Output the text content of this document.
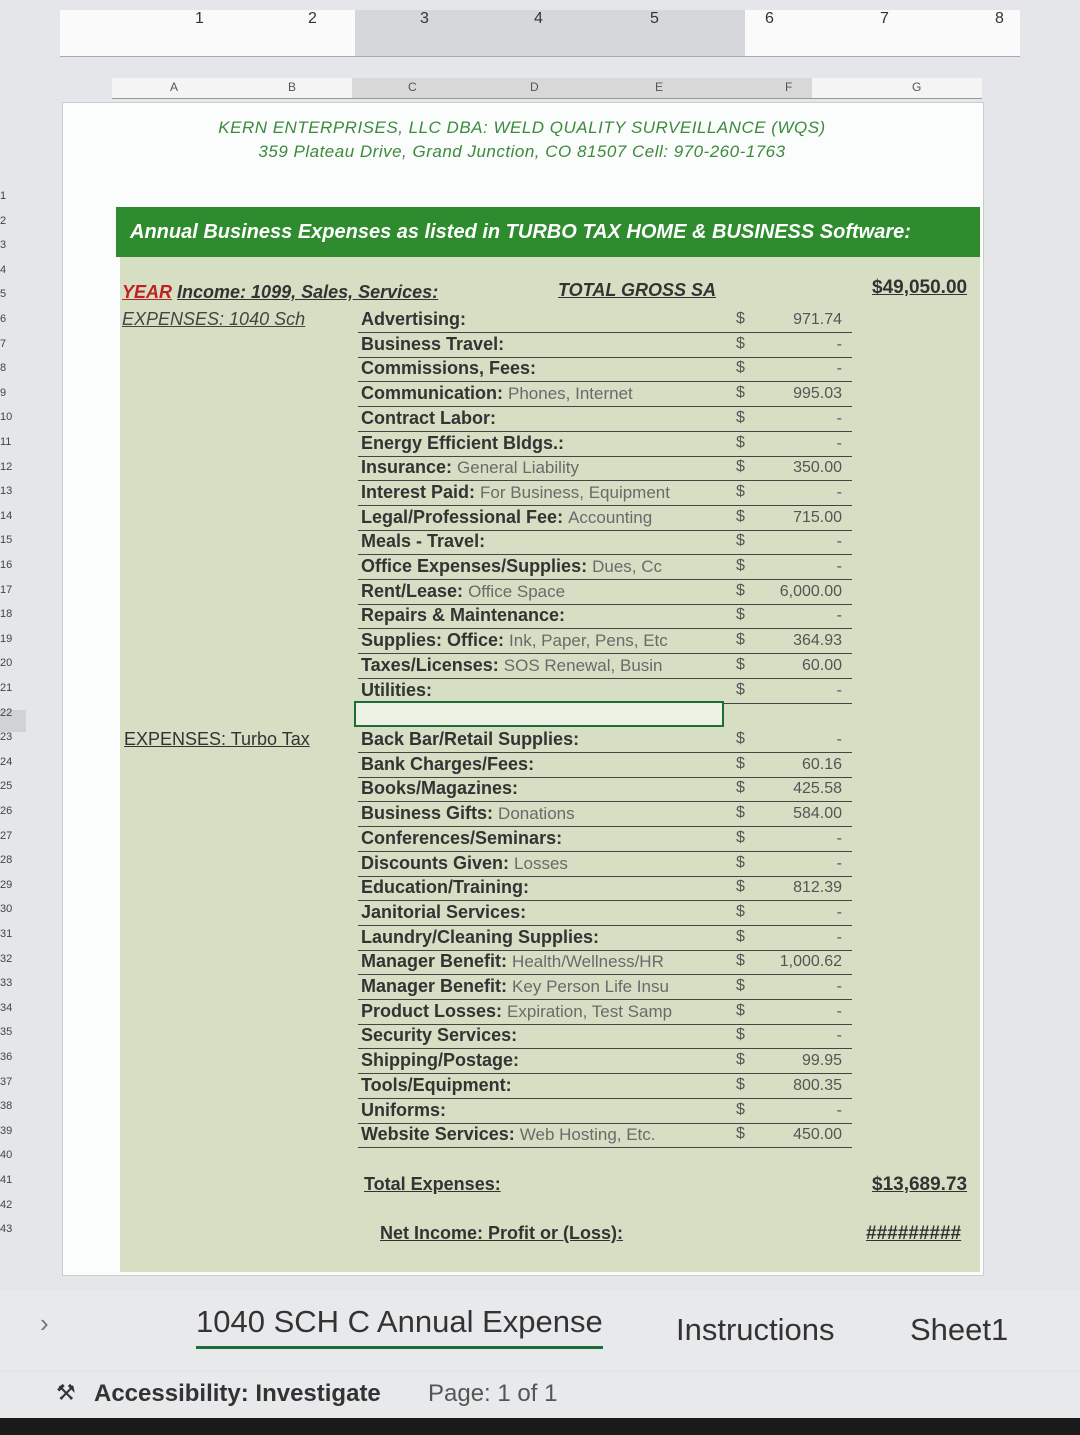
1	2	3	4	5	6	7	8
A	B	C	D	E	F	G
1
2
3
4
5
6
7
8
9
10
11
12
13
14
15
16
17
18
19
20
21
22
23
24
25
26
27
28
29
30
31
32
33
34
35
36
37
38
39
40
41
42
43
KERN ENTERPRISES, LLC DBA: WELD QUALITY SURVEILLANCE (WQS)
359 Plateau Drive, Grand Junction, CO 81507 Cell: 970-260-1763
Annual Business Expenses as listed in TURBO TAX HOME & BUSINESS Software:
YEAR Income: 1099, Sales, Services:	TOTAL GROSS SA	$49,050.00
EXPENSES: 1040 Sch	Advertising:	$	971.74
Business Travel:	$	-
Commissions, Fees:	$	-
Communication: Phones, Internet	$	995.03
Contract Labor:	$	-
Energy Efficient Bldgs.:	$	-
Insurance: General Liability	$	350.00
Interest Paid: For Business, Equipment	$	-
Legal/Professional Fee: Accounting	$	715.00
Meals - Travel:	$	-
Office Expenses/Supplies: Dues, Cc	$	-
Rent/Lease: Office Space	$ 6,000.00
Repairs & Maintenance:	$	-
Supplies: Office: Ink, Paper, Pens, Etc	$	364.93
Taxes/Licenses: SOS Renewal, Busin	$	60.00
Utilities:	$	-
EXPENSES: Turbo Tax	Back Bar/Retail Supplies:	$	-
Bank Charges/Fees:	$	60.16
Books/Magazines:	$	425.58
Business Gifts: Donations	$	584.00
Conferences/Seminars:	$	-
Discounts Given: Losses	$	-
Education/Training:	$	812.39
Janitorial Services:	$	-
Laundry/Cleaning Supplies:	$	-
Manager Benefit: Health/Wellness/HR	$ 1,000.62
Manager Benefit: Key Person Life Insu	$	-
Product Losses: Expiration, Test Samp	$	-
Security Services:	$	-
Shipping/Postage:	$	99.95
Tools/Equipment:	$	800.35
Uniforms:	$	-
Website Services: Web Hosting, Etc.	$	450.00
Total Expenses:	$13,689.73
Net Income: Profit or (Loss):	#########
›	1040 SCH C Annual Expense Instructions Sheet1
⚒ Accessibility: Investigate Page: 1 of 1
